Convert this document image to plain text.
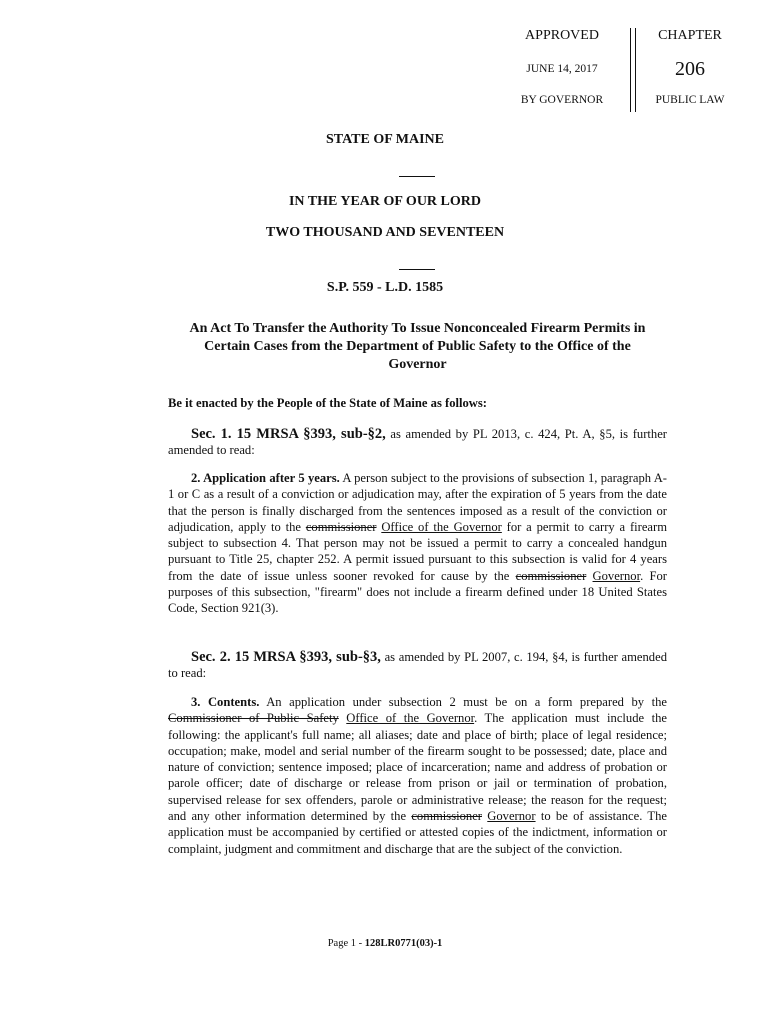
APPROVED
JUNE 14, 2017
BY GOVERNOR
CHAPTER
206
PUBLIC LAW
STATE OF MAINE
IN THE YEAR OF OUR LORD
TWO THOUSAND AND SEVENTEEN
S.P. 559 - L.D. 1585
An Act To Transfer the Authority To Issue Nonconcealed Firearm Permits in
Certain Cases from the Department of Public Safety to the Office of the
Governor
Be it enacted by the People of the State of Maine as follows:
Sec. 1. 15 MRSA §393, sub-§2, as amended by PL 2013, c. 424, Pt. A, §5, is further amended to read:
2. Application after 5 years. A person subject to the provisions of subsection 1, paragraph A-1 or C as a result of a conviction or adjudication may, after the expiration of 5 years from the date that the person is finally discharged from the sentences imposed as a result of the conviction or adjudication, apply to the commissioner Office of the Governor for a permit to carry a firearm subject to subsection 4. That person may not be issued a permit to carry a concealed handgun pursuant to Title 25, chapter 252. A permit issued pursuant to this subsection is valid for 4 years from the date of issue unless sooner revoked for cause by the commissioner Governor. For purposes of this subsection, "firearm" does not include a firearm defined under 18 United States Code, Section 921(3).
Sec. 2. 15 MRSA §393, sub-§3, as amended by PL 2007, c. 194, §4, is further amended to read:
3. Contents. An application under subsection 2 must be on a form prepared by the Commissioner of Public Safety Office of the Governor. The application must include the following: the applicant's full name; all aliases; date and place of birth; place of legal residence; occupation; make, model and serial number of the firearm sought to be possessed; date, place and nature of conviction; sentence imposed; place of incarceration; name and address of probation or parole officer; date of discharge or release from prison or jail or termination of probation, supervised release for sex offenders, parole or administrative release; the reason for the request; and any other information determined by the commissioner Governor to be of assistance. The application must be accompanied by certified or attested copies of the indictment, information or complaint, judgment and commitment and discharge that are the subject of the conviction.
Page 1 - 128LR0771(03)-1
